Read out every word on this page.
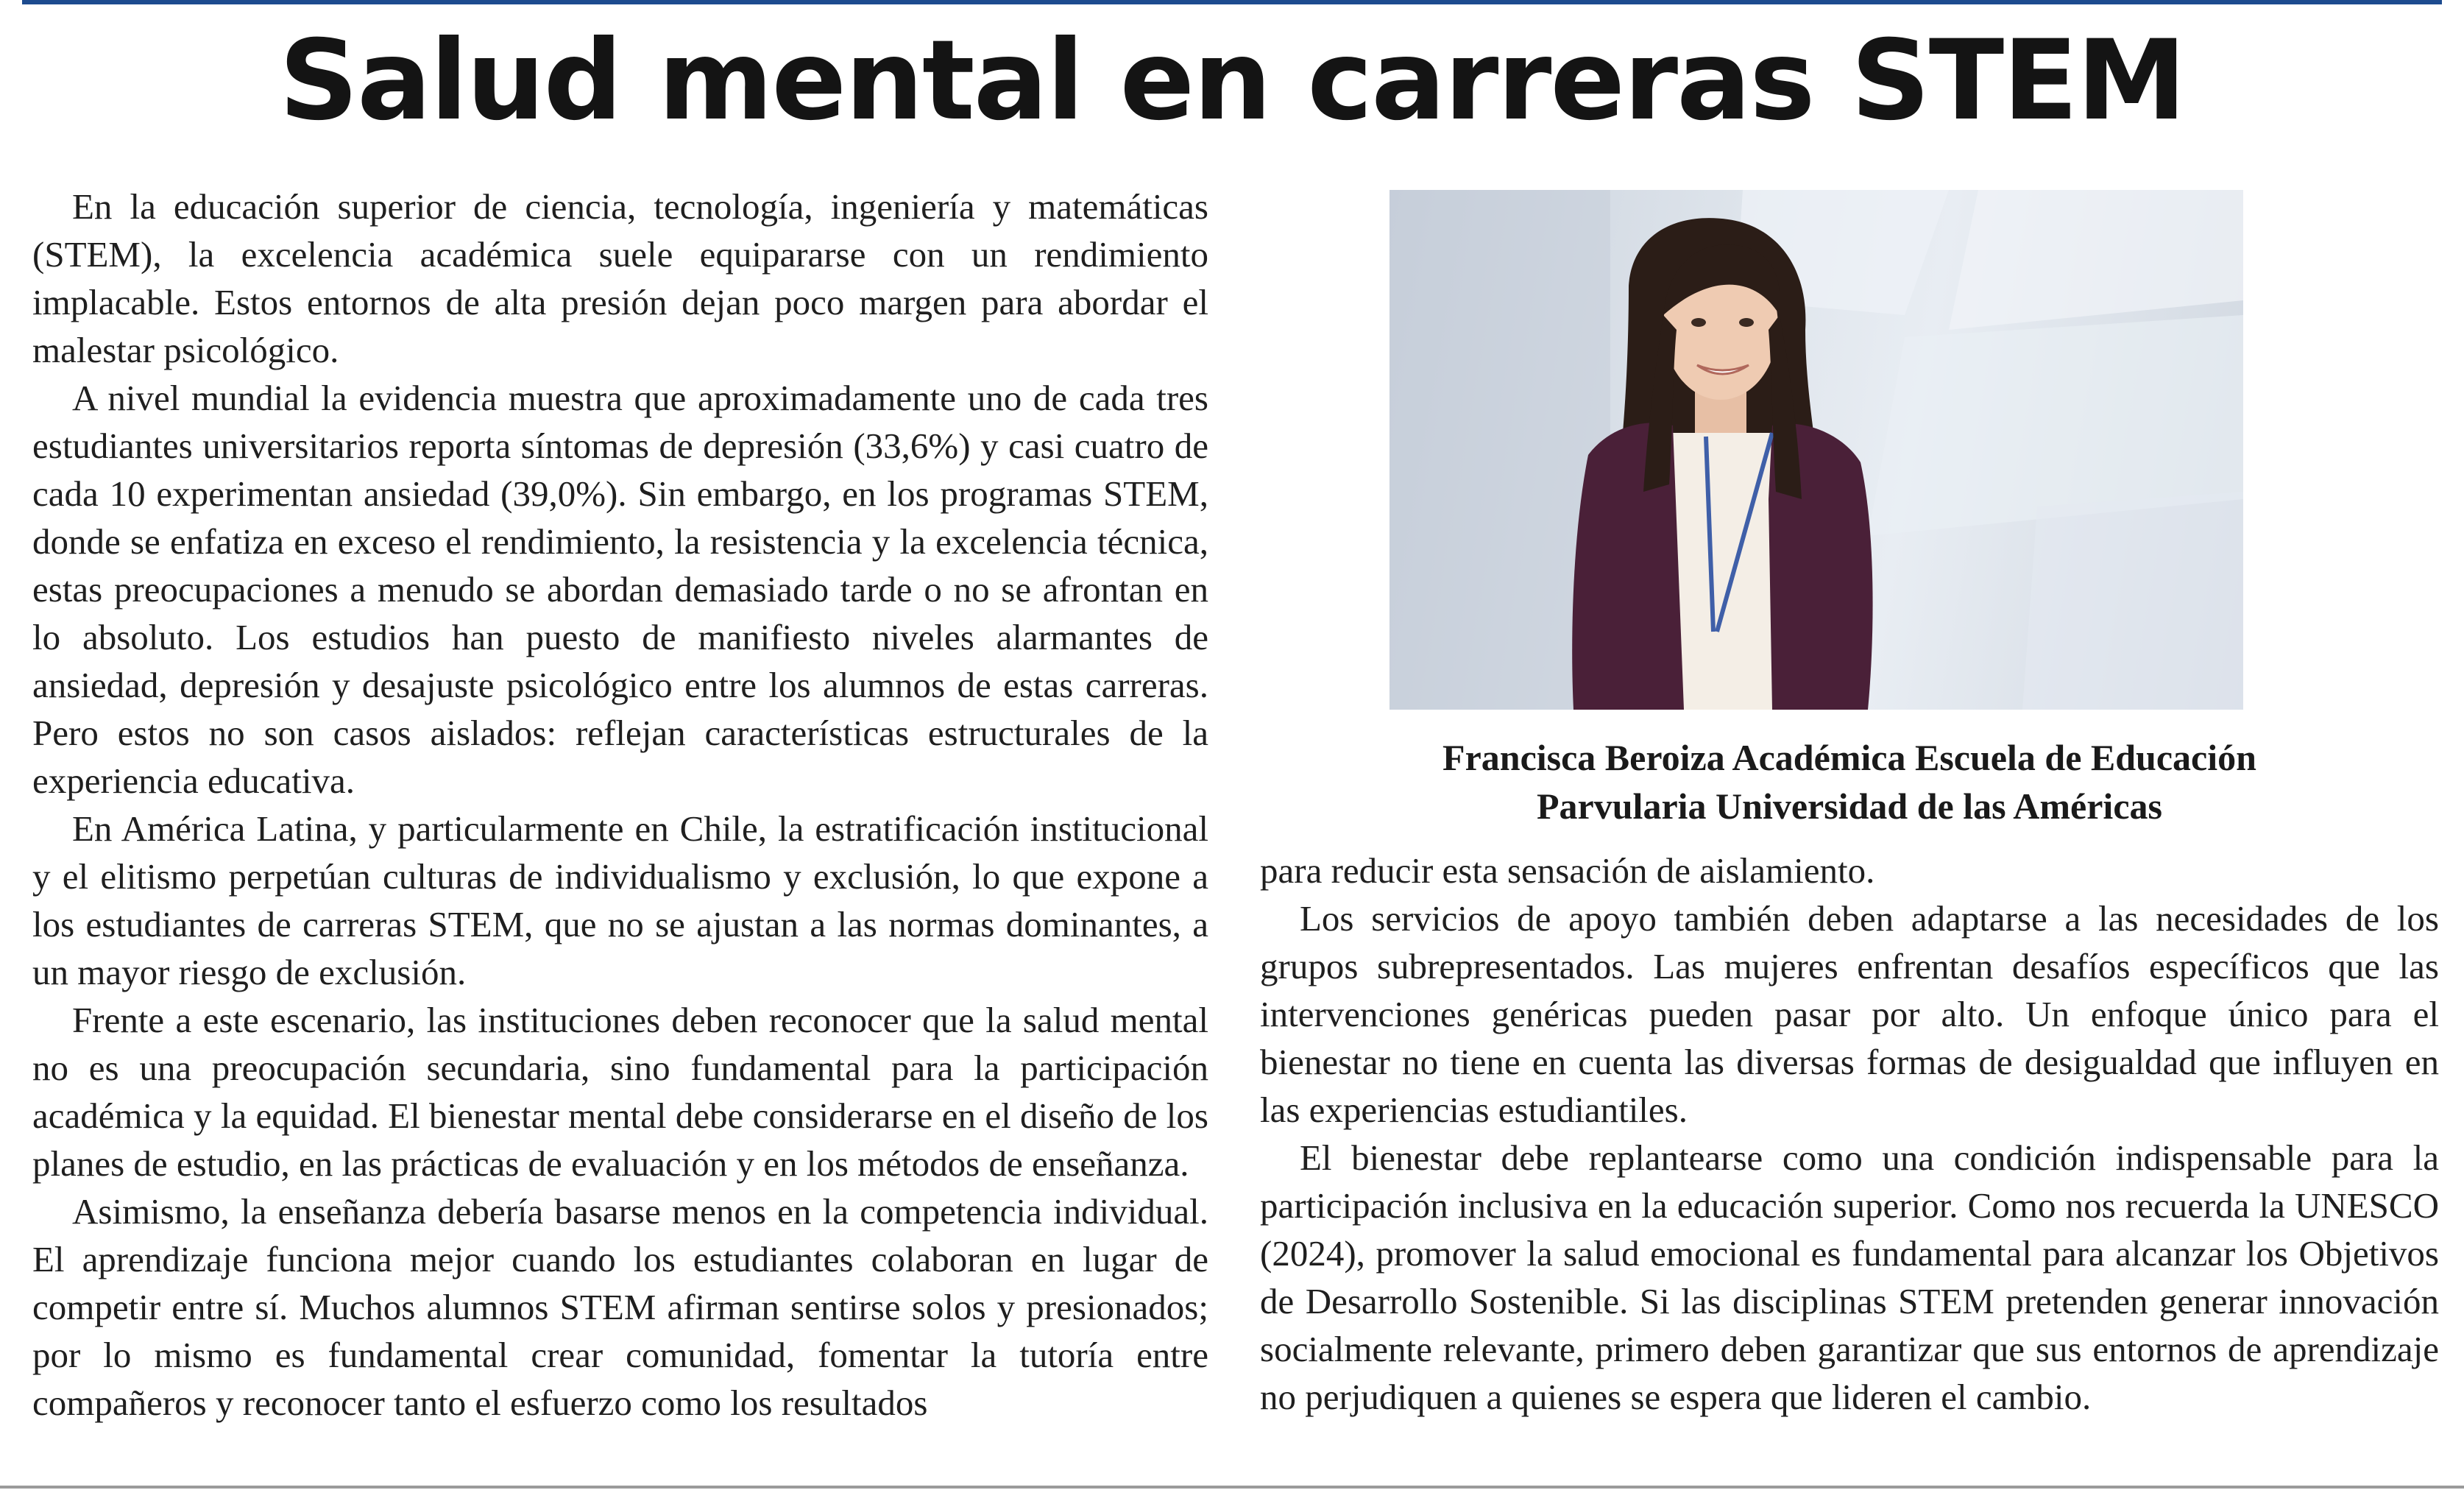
Salud mental en carreras STEM

En la educación superior de ciencia, tecnología, ingeniería y matemáticas (STEM), la excelencia académica suele equipararse con un rendimiento implacable. Estos entornos de alta presión dejan poco margen para abordar el malestar psicológico.

A nivel mundial la evidencia muestra que aproximadamente uno de cada tres estudiantes universitarios reporta síntomas de depresión (33,6%) y casi cuatro de cada 10 experimentan ansiedad (39,0%). Sin embargo, en los programas STEM, donde se enfatiza en exceso el rendimiento, la resistencia y la excelencia técnica, estas preocupaciones a menudo se abordan demasiado tarde o no se afrontan en lo absoluto. Los estudios han puesto de manifiesto niveles alarmantes de ansiedad, depresión y desajuste psicológico entre los alumnos de estas carreras. Pero estos no son casos aislados: reflejan características estructurales de la experiencia educativa.

En América Latina, y particularmente en Chile, la estratificación institucional y el elitismo perpetúan culturas de individualismo y exclusión, lo que expone a los estudiantes de carreras STEM, que no se ajustan a las normas dominantes, a un mayor riesgo de exclusión.

Frente a este escenario, las instituciones deben reconocer que la salud mental no es una preocupación secundaria, sino fundamental para la participación académica y la equidad. El bienestar mental debe considerarse en el diseño de los planes de estudio, en las prácticas de evaluación y en los métodos de enseñanza.

Asimismo, la enseñanza debería basarse menos en la competencia individual. El aprendizaje funciona mejor cuando los estudiantes colaboran en lugar de competir entre sí. Muchos alumnos STEM afirman sentirse solos y presionados; por lo mismo es fundamental crear comunidad, fomentar la tutoría entre compañeros y reconocer tanto el esfuerzo como los resultados

Francisca Beroiza Académica Escuela de Educación
Parvularia Universidad de las Américas

para reducir esta sensación de aislamiento.

Los servicios de apoyo también deben adaptarse a las necesidades de los grupos subrepresentados. Las mujeres enfrentan desafíos específicos que las intervenciones genéricas pueden pasar por alto. Un enfoque único para el bienestar no tiene en cuenta las diversas formas de desigualdad que influyen en las experiencias estudiantiles.

El bienestar debe replantearse como una condición indispensable para la participación inclusiva en la educación superior. Como nos recuerda la UNESCO (2024), promover la salud emocional es fundamental para alcanzar los Objetivos de Desarrollo Sostenible. Si las disciplinas STEM pretenden generar innovación socialmente relevante, primero deben garantizar que sus entornos de aprendizaje no perjudiquen a quienes se espera que lideren el cambio.
